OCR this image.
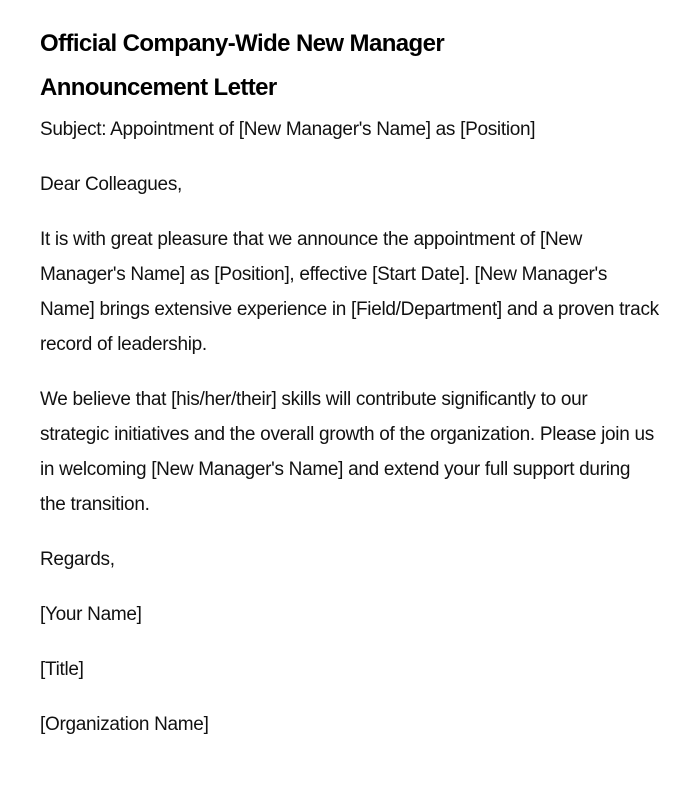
Official Company-Wide New Manager Announcement Letter

Subject: Appointment of [New Manager's Name] as [Position]

Dear Colleagues,

It is with great pleasure that we announce the appointment of [New Manager's Name] as [Position], effective [Start Date]. [New Manager's Name] brings extensive experience in [Field/Department] and a proven track record of leadership.

We believe that [his/her/their] skills will contribute significantly to our strategic initiatives and the overall growth of the organization. Please join us in welcoming [New Manager's Name] and extend your full support during the transition.

Regards,

[Your Name]

[Title]

[Organization Name]
